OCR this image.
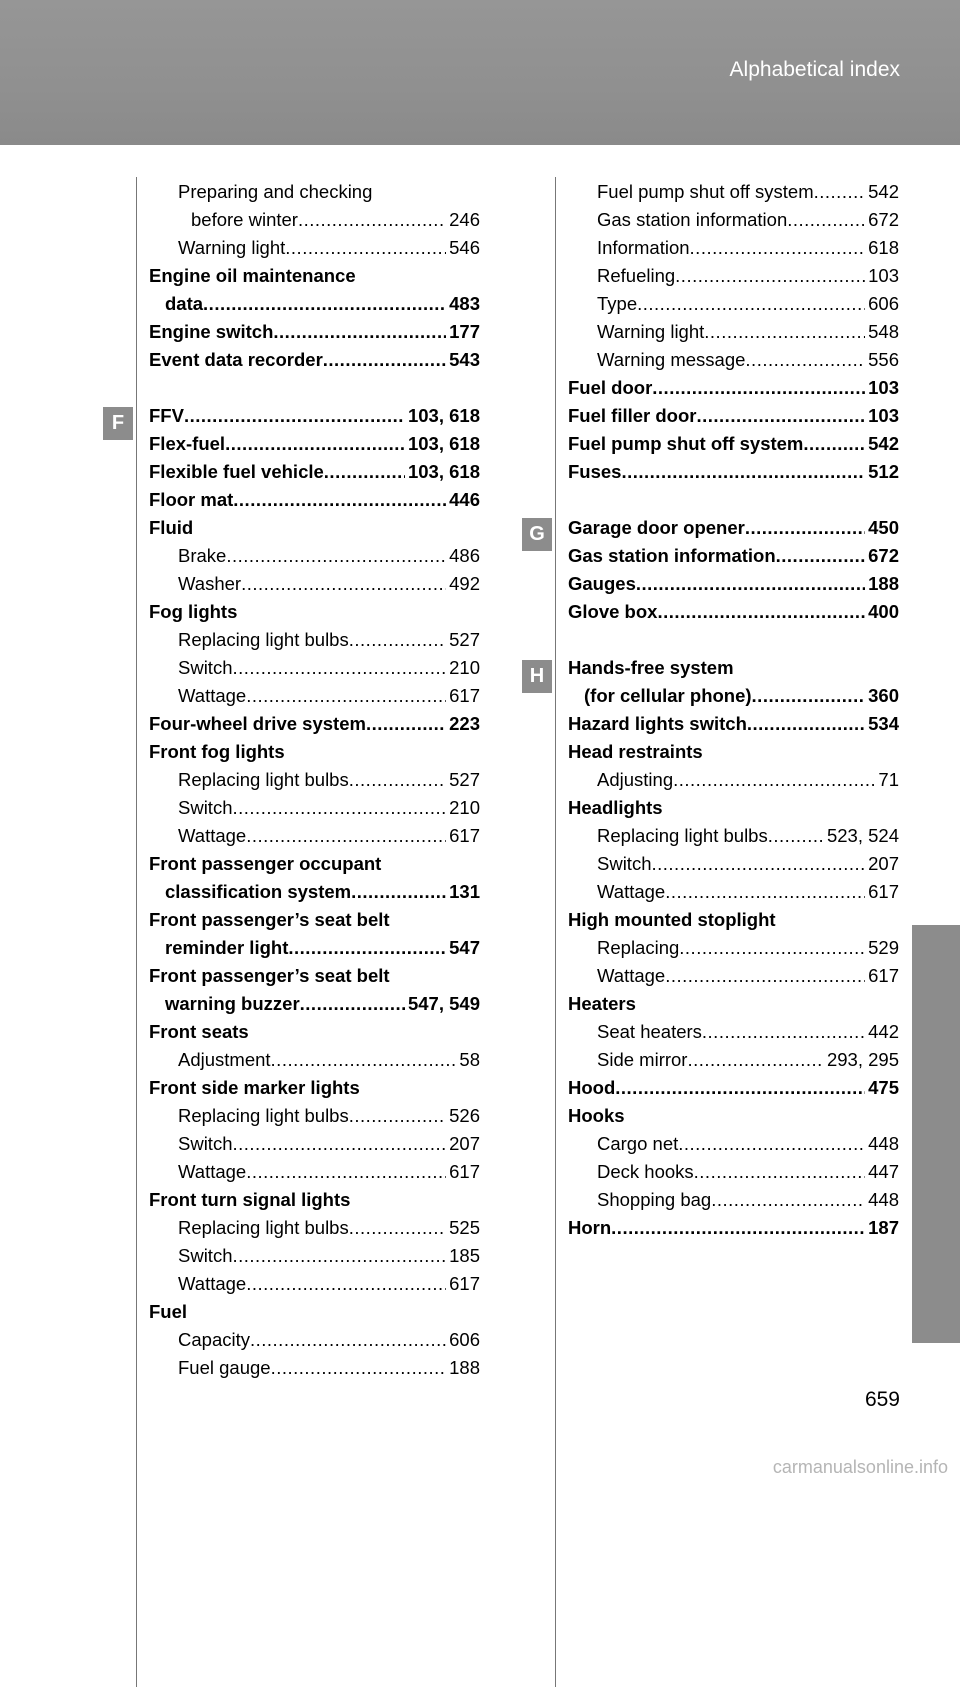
Alphabetical index
F
G
H
Preparing and checking
before winter .....	246
Warning light .....	546
Engine oil maintenance
data .....	483
Engine switch .....	177
Event data recorder .....	543
FFV .....	103, 618
Flex-fuel .....	103, 618
Flexible fuel vehicle .....	103, 618
Floor mat .....	446
Fluid
Brake .....	486
Washer .....	492
Fog lights
Replacing light bulbs .....	527
Switch .....	210
Wattage .....	617
Four-wheel drive system .....	223
Front fog lights
Replacing light bulbs .....	527
Switch .....	210
Wattage .....	617
Front passenger occupant
classification system .....	131
Front passenger’s seat belt
reminder light .....	547
Front passenger’s seat belt
warning buzzer .....	547, 549
Front seats
Adjustment .....	58
Front side marker lights
Replacing light bulbs .....	526
Switch .....	207
Wattage .....	617
Front turn signal lights
Replacing light bulbs .....	525
Switch .....	185
Wattage .....	617
Fuel
Capacity .....	606
Fuel gauge .....	188
Fuel pump shut off system .....	542
Gas station information .....	672
Information .....	618
Refueling .....	103
Type .....	606
Warning light .....	548
Warning message .....	556
Fuel door .....	103
Fuel filler door .....	103
Fuel pump shut off system .....	542
Fuses .....	512
Garage door opener .....	450
Gas station information .....	672
Gauges .....	188
Glove box .....	400
Hands-free system
(for cellular phone) .....	360
Hazard lights switch .....	534
Head restraints
Adjusting .....	71
Headlights
Replacing light bulbs .....	523, 524
Switch .....	207
Wattage .....	617
High mounted stoplight
Replacing .....	529
Wattage .....	617
Heaters
Seat heaters .....	442
Side mirror .....	293, 295
Hood .....	475
Hooks
Cargo net .....	448
Deck hooks .....	447
Shopping bag .....	448
Horn .....	187
659
carmanualsonline.info
